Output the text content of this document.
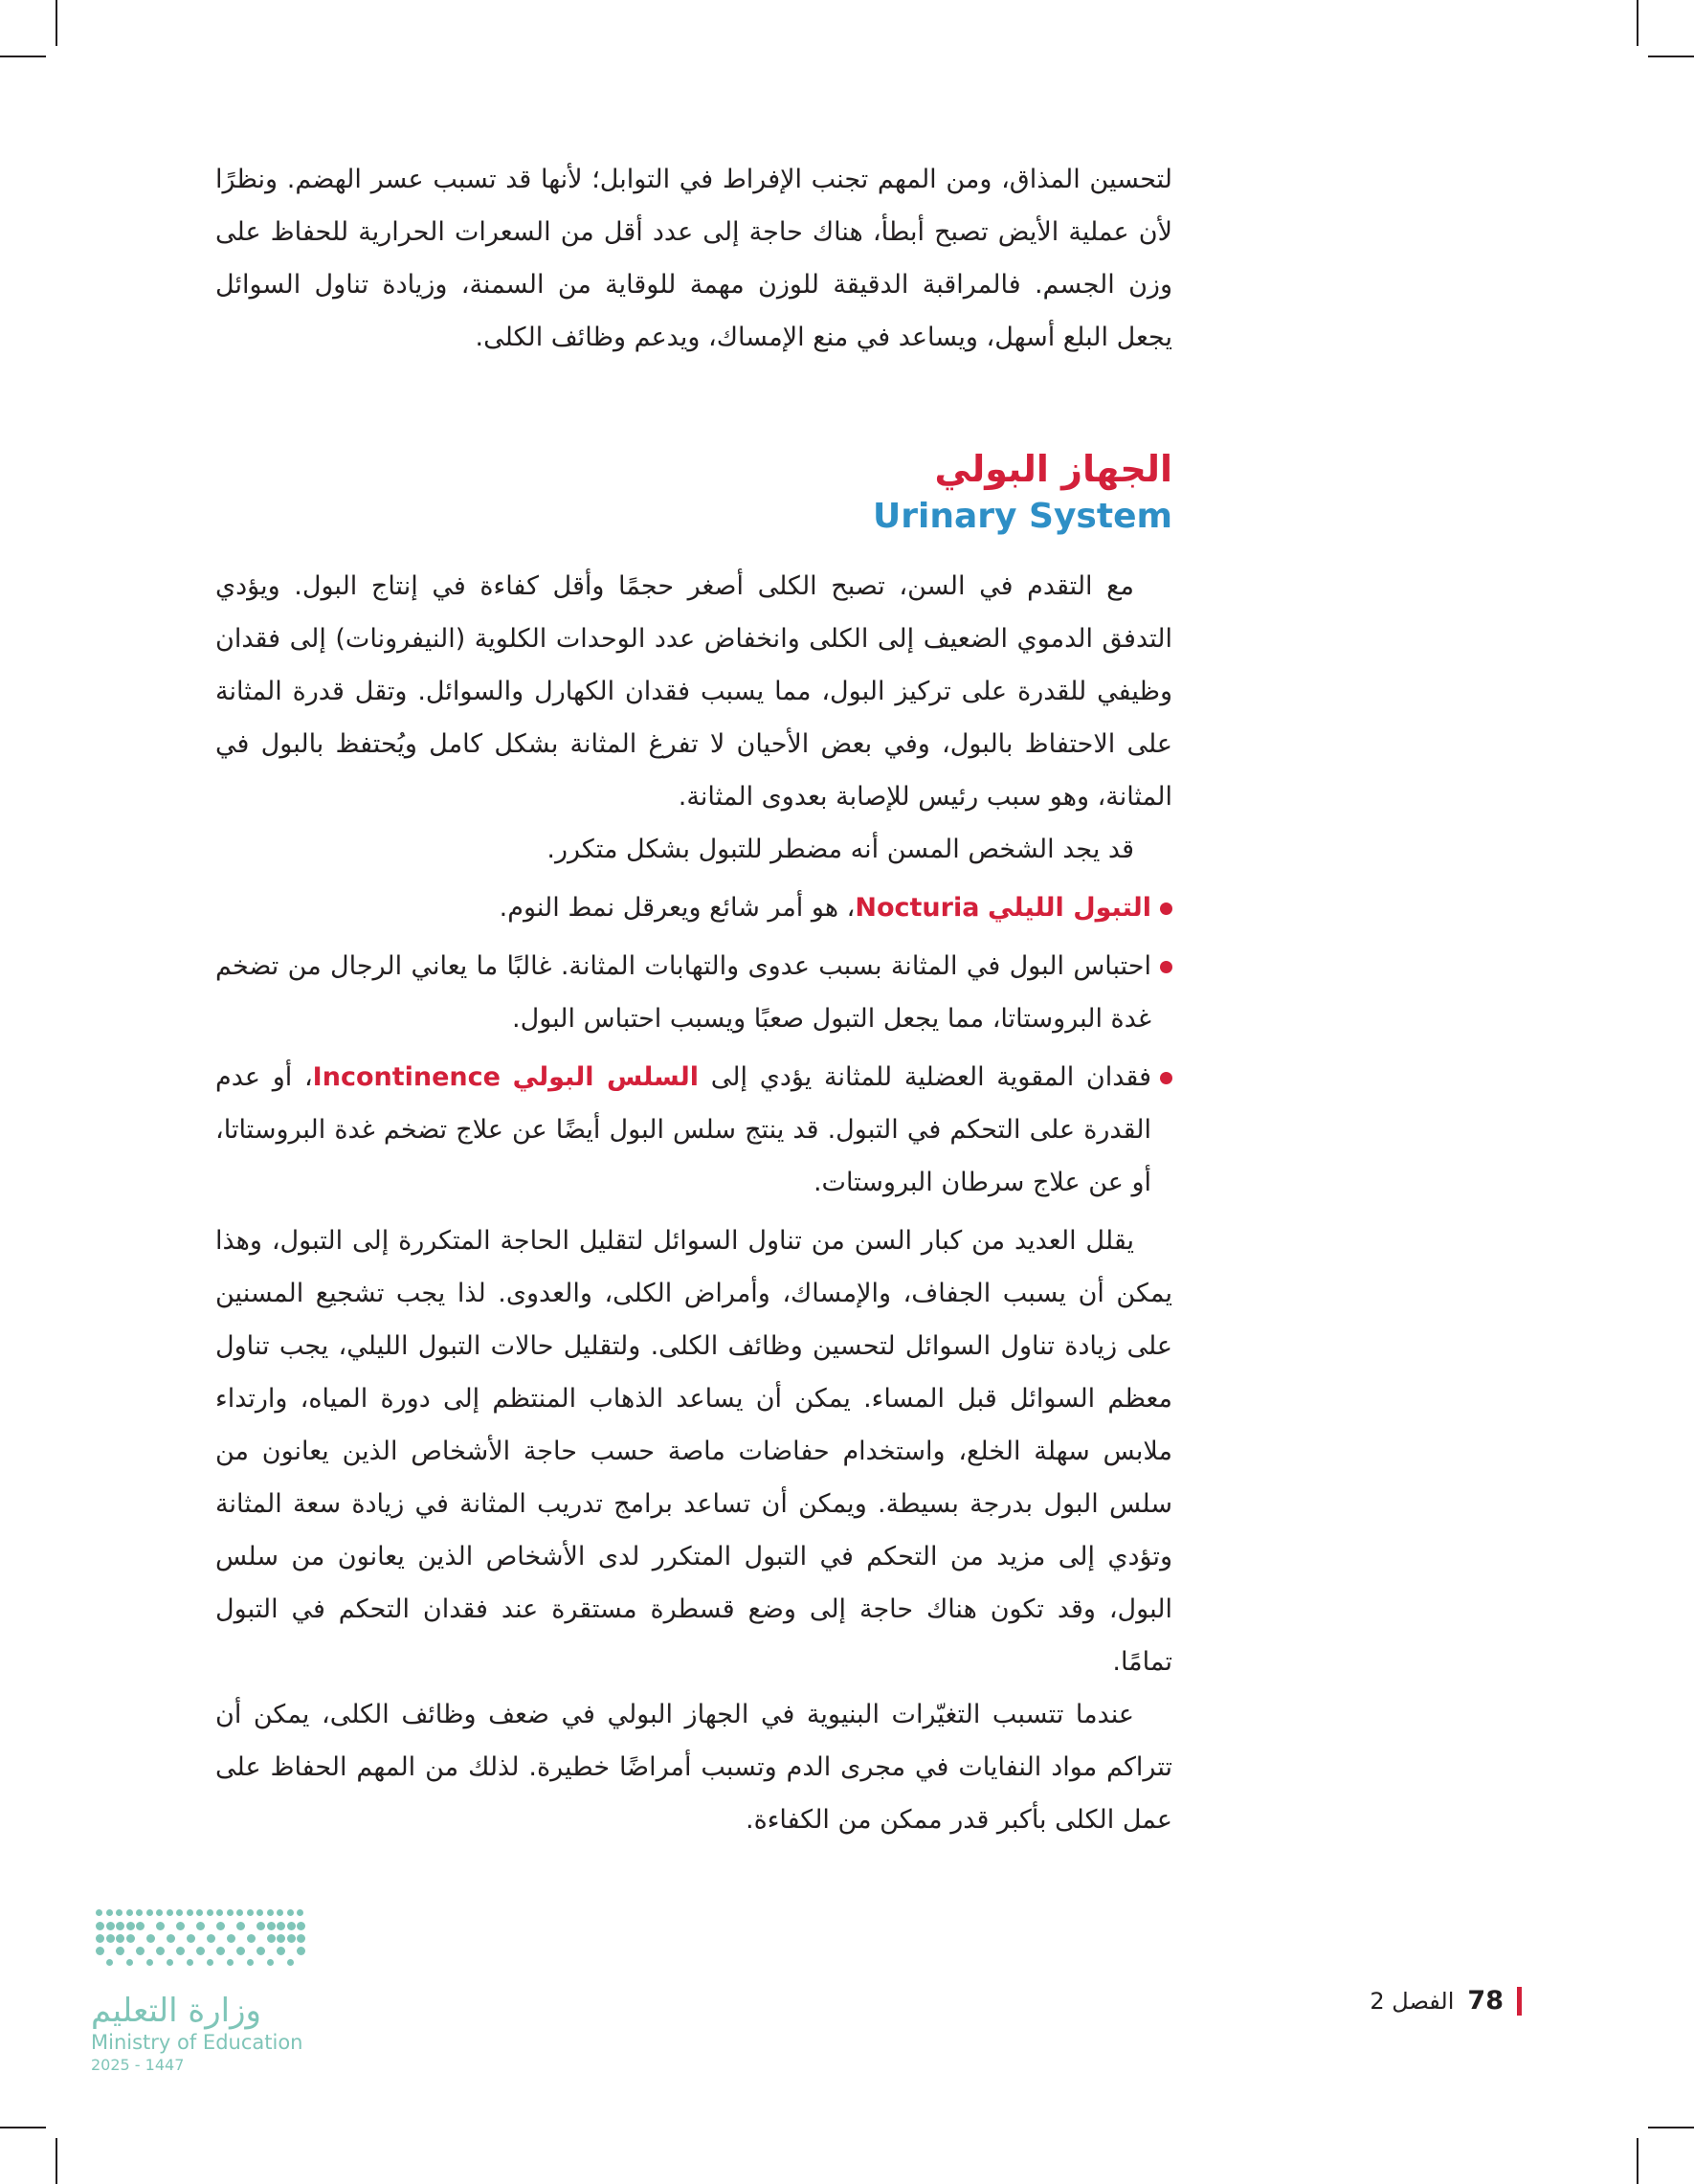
لتحسين المذاق، ومن المهم تجنب الإفراط في التوابل؛ لأنها قد تسبب عسر الهضم. ونظرًا لأن عملية الأيض تصبح أبطأ، هناك حاجة إلى عدد أقل من السعرات الحرارية للحفاظ على وزن الجسم. فالمراقبة الدقيقة للوزن مهمة للوقاية من السمنة، وزيادة تناول السوائل يجعل البلع أسهل، ويساعد في منع الإمساك، ويدعم وظائف الكلى.

الجهاز البولي
Urinary System

مع التقدم في السن، تصبح الكلى أصغر حجمًا وأقل كفاءة في إنتاج البول. ويؤدي التدفق الدموي الضعيف إلى الكلى وانخفاض عدد الوحدات الكلوية (النيفرونات) إلى فقدان وظيفي للقدرة على تركيز البول، مما يسبب فقدان الكهارل والسوائل. وتقل قدرة المثانة على الاحتفاظ بالبول، وفي بعض الأحيان لا تفرغ المثانة بشكل كامل ويُحتفظ بالبول في المثانة، وهو سبب رئيس للإصابة بعدوى المثانة.

قد يجد الشخص المسن أنه مضطر للتبول بشكل متكرر.

التبول الليلي Nocturia، هو أمر شائع ويعرقل نمط النوم.
احتباس البول في المثانة بسبب عدوى والتهابات المثانة. غالبًا ما يعاني الرجال من تضخم غدة البروستاتا، مما يجعل التبول صعبًا ويسبب احتباس البول.
فقدان المقوية العضلية للمثانة يؤدي إلى السلس البولي Incontinence، أو عدم القدرة على التحكم في التبول. قد ينتج سلس البول أيضًا عن علاج تضخم غدة البروستاتا، أو عن علاج سرطان البروستات.

يقلل العديد من كبار السن من تناول السوائل لتقليل الحاجة المتكررة إلى التبول، وهذا يمكن أن يسبب الجفاف، والإمساك، وأمراض الكلى، والعدوى. لذا يجب تشجيع المسنين على زيادة تناول السوائل لتحسين وظائف الكلى. ولتقليل حالات التبول الليلي، يجب تناول معظم السوائل قبل المساء. يمكن أن يساعد الذهاب المنتظم إلى دورة المياه، وارتداء ملابس سهلة الخلع، واستخدام حفاضات ماصة حسب حاجة الأشخاص الذين يعانون من سلس البول بدرجة بسيطة. ويمكن أن تساعد برامج تدريب المثانة في زيادة سعة المثانة وتؤدي إلى مزيد من التحكم في التبول المتكرر لدى الأشخاص الذين يعانون من سلس البول، وقد تكون هناك حاجة إلى وضع قسطرة مستقرة عند فقدان التحكم في التبول تمامًا.

عندما تتسبب التغيّرات البنيوية في الجهاز البولي في ضعف وظائف الكلى، يمكن أن تتراكم مواد النفايات في مجرى الدم وتسبب أمراضًا خطيرة. لذلك من المهم الحفاظ على عمل الكلى بأكبر قدر ممكن من الكفاءة.

78
الفصل 2
وزارة التعليم
Ministry of Education
2025 - 1447
